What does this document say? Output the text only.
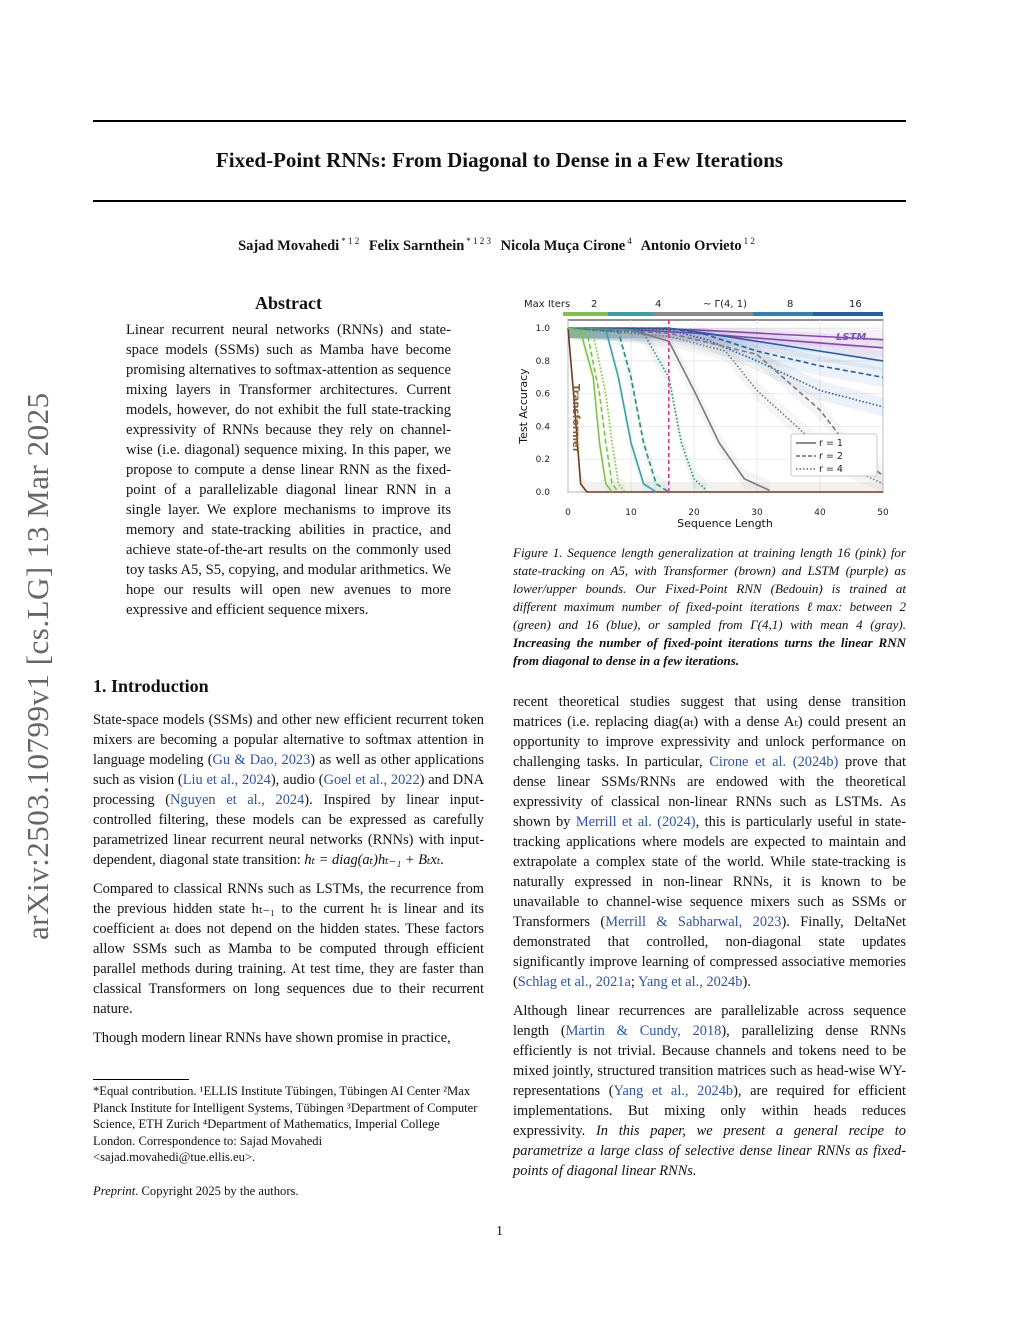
Fixed-Point RNNs: From Diagonal to Dense in a Few Iterations
Sajad Movahedi $^{* 1 2}$ Felix Sarnthein $^{* 1 2 3}$ Nicola Muça Cirone $^4$ Antonio Orvieto $^{1 2}$
arXiv:2503.10799v1 [cs.LG] 13 Mar 2025
Abstract
Linear recurrent neural networks (RNNs) and state-space models (SSMs) such as Mamba have become promising alternatives to softmax-attention as sequence mixing layers in Transformer architectures. Current models, however, do not exhibit the full state-tracking expressivity of RNNs because they rely on channel-wise (i.e. diagonal) sequence mixing. In this paper, we propose to compute a dense linear RNN as the fixed-point of a parallelizable diagonal linear RNN in a single layer. We explore mechanisms to improve its memory and state-tracking abilities in practice, and achieve state-of-the-art results on the commonly used toy tasks A5, S5, copying, and modular arithmetics. We hope our results will open new avenues to more expressive and efficient sequence mixers.
1. Introduction

State-space models (SSMs) and other new efficient recurrent token mixers are becoming a popular alternative to softmax attention in language modeling (Gu & Dao, 2023) as well as other applications such as vision (Liu et al., 2024), audio (Goel et al., 2022) and DNA processing (Nguyen et al., 2024). Inspired by linear input-controlled filtering, these models can be expressed as carefully parametrized linear recurrent neural networks (RNNs) with input-dependent, diagonal state transition: hₜ = diag(aₜ)hₜ₋₁ + Bₜxₜ.

Compared to classical RNNs such as LSTMs, the recurrence from the previous hidden state hₜ₋₁ to the current hₜ is linear and its coefficient aₜ does not depend on the hidden states. These factors allow SSMs such as Mamba to be computed through efficient parallel methods during training. At test time, they are faster than classical Transformers on long sequences due to their recurrent nature.

Though modern linear RNNs have shown promise in practice,

*Equal contribution. ¹ELLIS Institute Tübingen, Tübingen AI Center ²Max Planck Institute for Intelligent Systems, Tübingen ³Department of Computer Science, ETH Zurich ⁴Department of Mathematics, Imperial College London. Correspondence to: Sajad Movahedi <sajad.movahedi@tue.ellis.eu>.
Preprint. Copyright 2025 by the authors.
Max Iters 2	4	~ Γ(4, 1)	8	16
0	10	20	30	40	50
0.0
0.2
0.4
0.6
0.8
1.0
Transformer
LSTM
r = 1
r = 2
r = 4
Sequence Length
Test Accuracy
Figure 1. Sequence length generalization at training length 16 (pink) for state-tracking on A5, with Transformer (brown) and LSTM (purple) as lower/upper bounds. Our Fixed-Point RNN (Bedouin) is trained at different maximum number of fixed-point iterations ℓmax: between 2 (green) and 16 (blue), or sampled from Γ(4,1) with mean 4 (gray). Increasing the number of fixed-point iterations turns the linear RNN from diagonal to dense in a few iterations.

recent theoretical studies suggest that using dense transition matrices (i.e. replacing diag(aₜ) with a dense Aₜ) could present an opportunity to improve expressivity and unlock performance on challenging tasks. In particular, Cirone et al. (2024b) prove that dense linear SSMs/RNNs are endowed with the theoretical expressivity of classical non-linear RNNs such as LSTMs. As shown by Merrill et al. (2024), this is particularly useful in state-tracking applications where models are expected to maintain and extrapolate a complex state of the world. While state-tracking is naturally expressed in non-linear RNNs, it is known to be unavailable to channel-wise sequence mixers such as SSMs or Transformers (Merrill & Sabharwal, 2023). Finally, DeltaNet demonstrated that controlled, non-diagonal state updates significantly improve learning of compressed associative memories (Schlag et al., 2021a; Yang et al., 2024b).

Although linear recurrences are parallelizable across sequence length (Martin & Cundy, 2018), parallelizing dense RNNs efficiently is not trivial. Because channels and tokens need to be mixed jointly, structured transition matrices such as head-wise WY-representations (Yang et al., 2024b), are required for efficient implementations. But mixing only within heads reduces expressivity. In this paper, we present a general recipe to parametrize a large class of selective dense linear RNNs as fixed-points of diagonal linear RNNs.

1
